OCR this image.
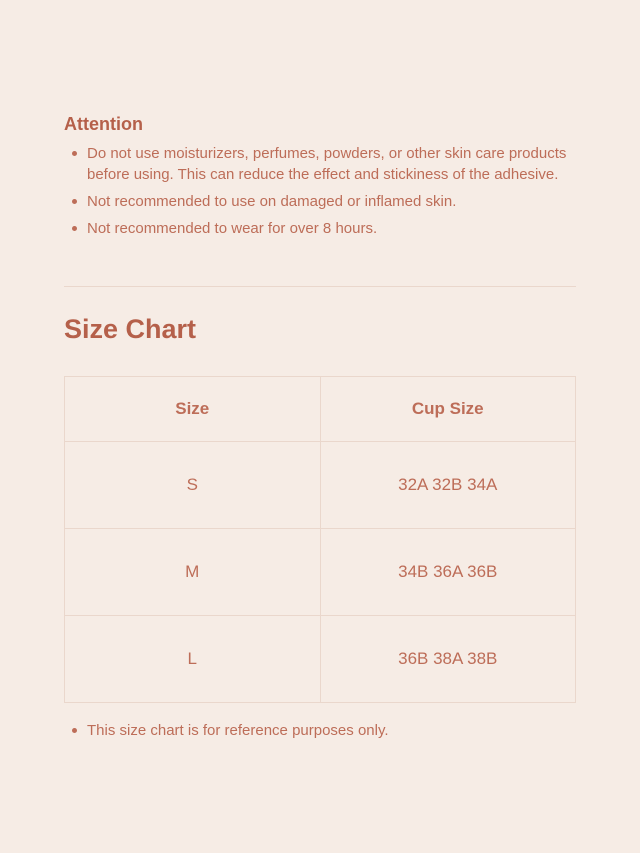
Attention
Do not use moisturizers, perfumes, powders, or other skin care products before using. This can reduce the effect and stickiness of the adhesive.
Not recommended to use on damaged or inflamed skin.
Not recommended to wear for over 8 hours.
Size Chart
Size	Cup Size
S	32A 32B 34A
M	34B 36A 36B
L	36B 38A 38B
This size chart is for reference purposes only.
